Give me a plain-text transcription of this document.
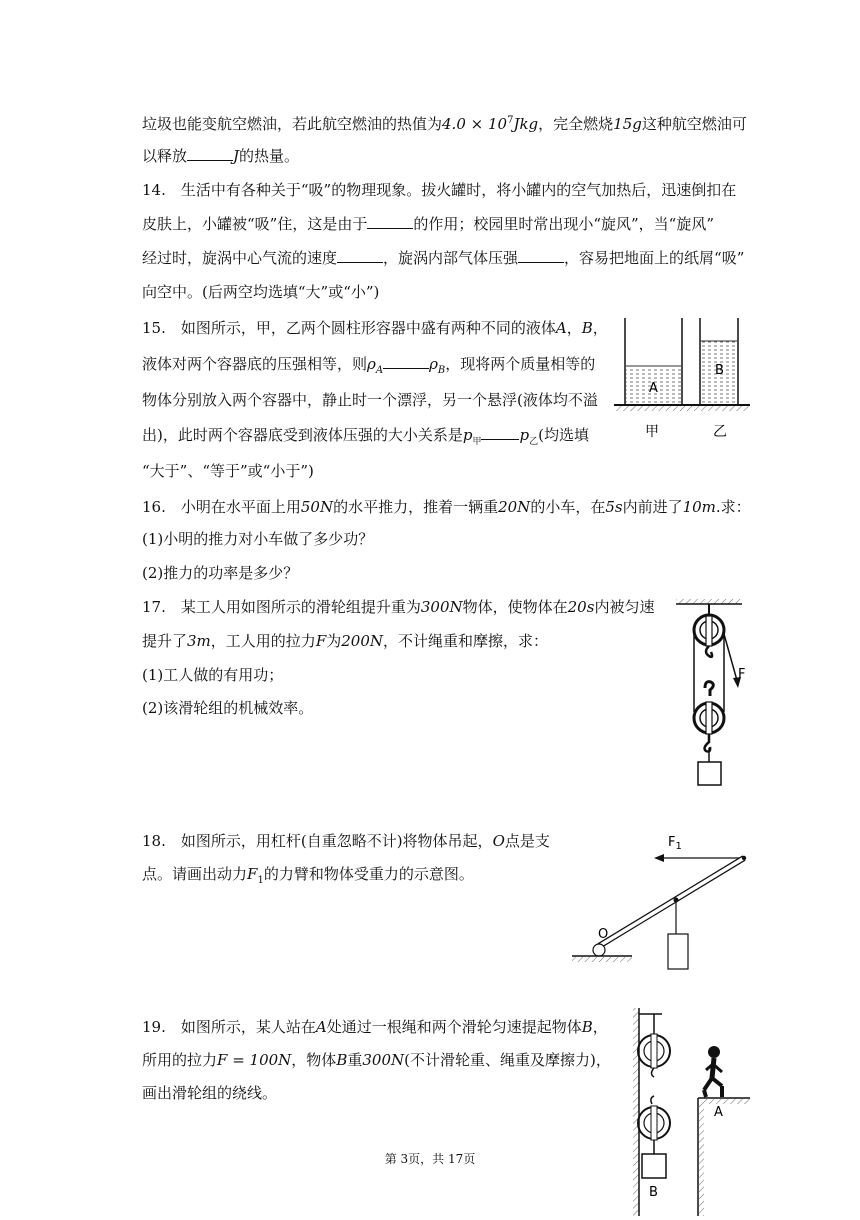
垃圾也能变航空燃油，若此航空燃油的热值为$4.0 \times 10^7Jkg$，完全燃烧15g这种航空燃油可
以释放	J的热量。
14.　生活中有各种关于“吸”的物理现象。拔火罐时，将小罐内的空气加热后，迅速倒扣在
皮肤上，小罐被“吸”住，这是由于	的作用；校园里时常出现小“旋风”，当“旋风”
经过时，旋涡中心气流的速度	，旋涡内部气体压强	，容易把地面上的纸屑“吸”
向空中。(后两空均选填“大”或“小”)
15.　如图所示，甲，乙两个圆柱形容器中盛有两种不同的液体A，B，
液体对两个容器底的压强相等，则$\rho_A$	$\rho_B$，现将两个质量相等的
物体分别放入两个容器中，静止时一个漂浮，另一个悬浮(液体均不溢
出)，此时两个容器底受到液体压强的大小关系是$p_甲$	$p_乙$(均选填
“大于”、“等于”或“小于”)
A
B
甲	乙
16.　小明在水平面上用50N的水平推力，推着一辆重20N的小车，在5s内前进了10m.求：
(1)小明的推力对小车做了多少功？
(2)推力的功率是多少？
17.　某工人用如图所示的滑轮组提升重为300N物体，使物体在20s内被匀速
提升了3m，工人用的拉力F为200N，不计绳重和摩擦，求：
(1)工人做的有用功；
(2)该滑轮组的机械效率。
F
18.　如图所示，用杠杆(自重忽略不计)将物体吊起，O点是支
点。请画出动力$F_1$的力臂和物体受重力的示意图。
$F_1$
O
19.　如图所示，某人站在A处通过一根绳和两个滑轮匀速提起物体B，
所用的拉力F = 100N，物体B重300N(不计滑轮重、绳重及摩擦力)，
画出滑轮组的绕线。
B
A
第 3页，共 17页
